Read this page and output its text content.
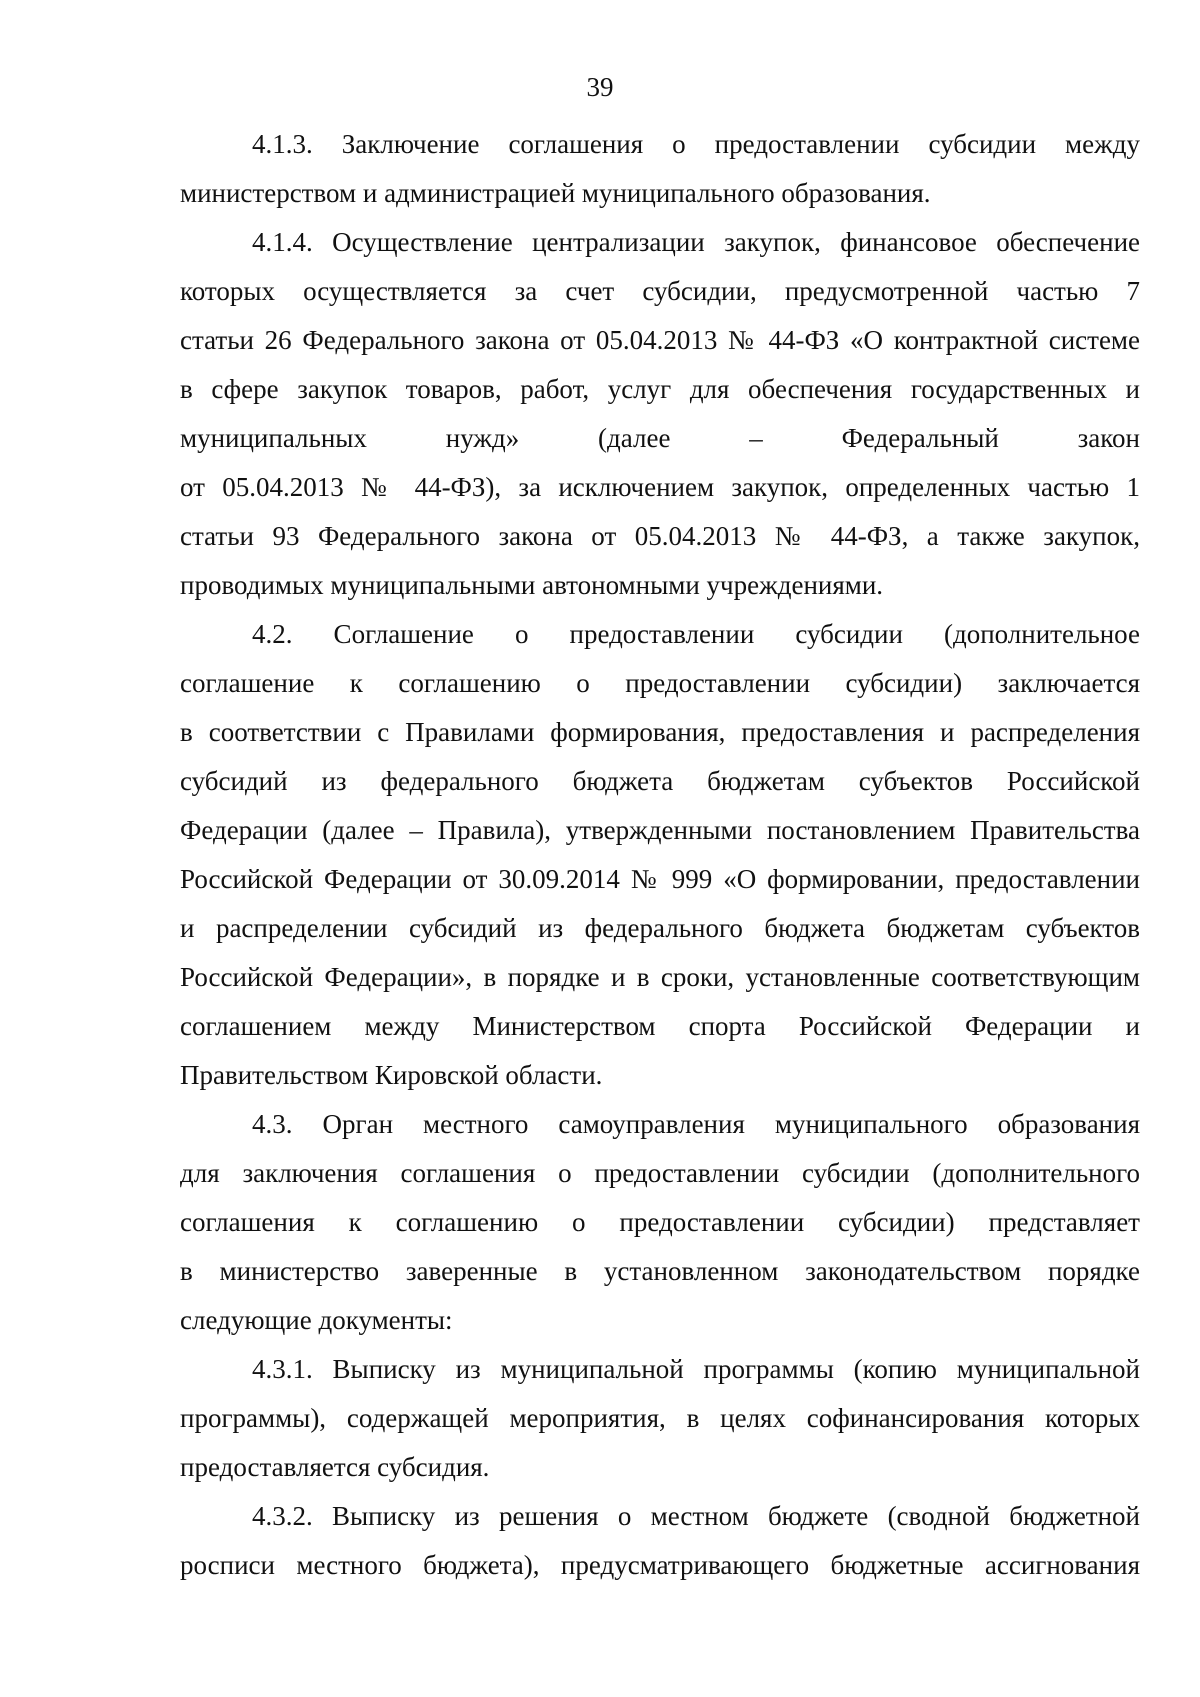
39
4.1.3. Заключение соглашения о предоставлении субсидии между
министерством и администрацией муниципального образования.
4.1.4. Осуществление централизации закупок, финансовое обеспечение
которых осуществляется за счет субсидии, предусмотренной частью 7
статьи 26 Федерального закона от 05.04.2013 № 44-ФЗ «О контрактной системе
в сфере закупок товаров, работ, услуг для обеспечения государственных и
муниципальных нужд» (далее – Федеральный закон
от 05.04.2013 № 44-ФЗ), за исключением закупок, определенных частью 1
статьи 93 Федерального закона от 05.04.2013 № 44-ФЗ, а также закупок,
проводимых муниципальными автономными учреждениями.
4.2. Соглашение о предоставлении субсидии (дополнительное
соглашение к соглашению о предоставлении субсидии) заключается
в соответствии с Правилами формирования, предоставления и распределения
субсидий из федерального бюджета бюджетам субъектов Российской
Федерации (далее – Правила), утвержденными постановлением Правительства
Российской Федерации от 30.09.2014 № 999 «О формировании, предоставлении
и распределении субсидий из федерального бюджета бюджетам субъектов
Российской Федерации», в порядке и в сроки, установленные соответствующим
соглашением между Министерством спорта Российской Федерации и
Правительством Кировской области.
4.3. Орган местного самоуправления муниципального образования
для заключения соглашения о предоставлении субсидии (дополнительного
соглашения к соглашению о предоставлении субсидии) представляет
в министерство заверенные в установленном законодательством порядке
следующие документы:
4.3.1. Выписку из муниципальной программы (копию муниципальной
программы), содержащей мероприятия, в целях софинансирования которых
предоставляется субсидия.
4.3.2. Выписку из решения о местном бюджете (сводной бюджетной
росписи местного бюджета), предусматривающего бюджетные ассигнования
